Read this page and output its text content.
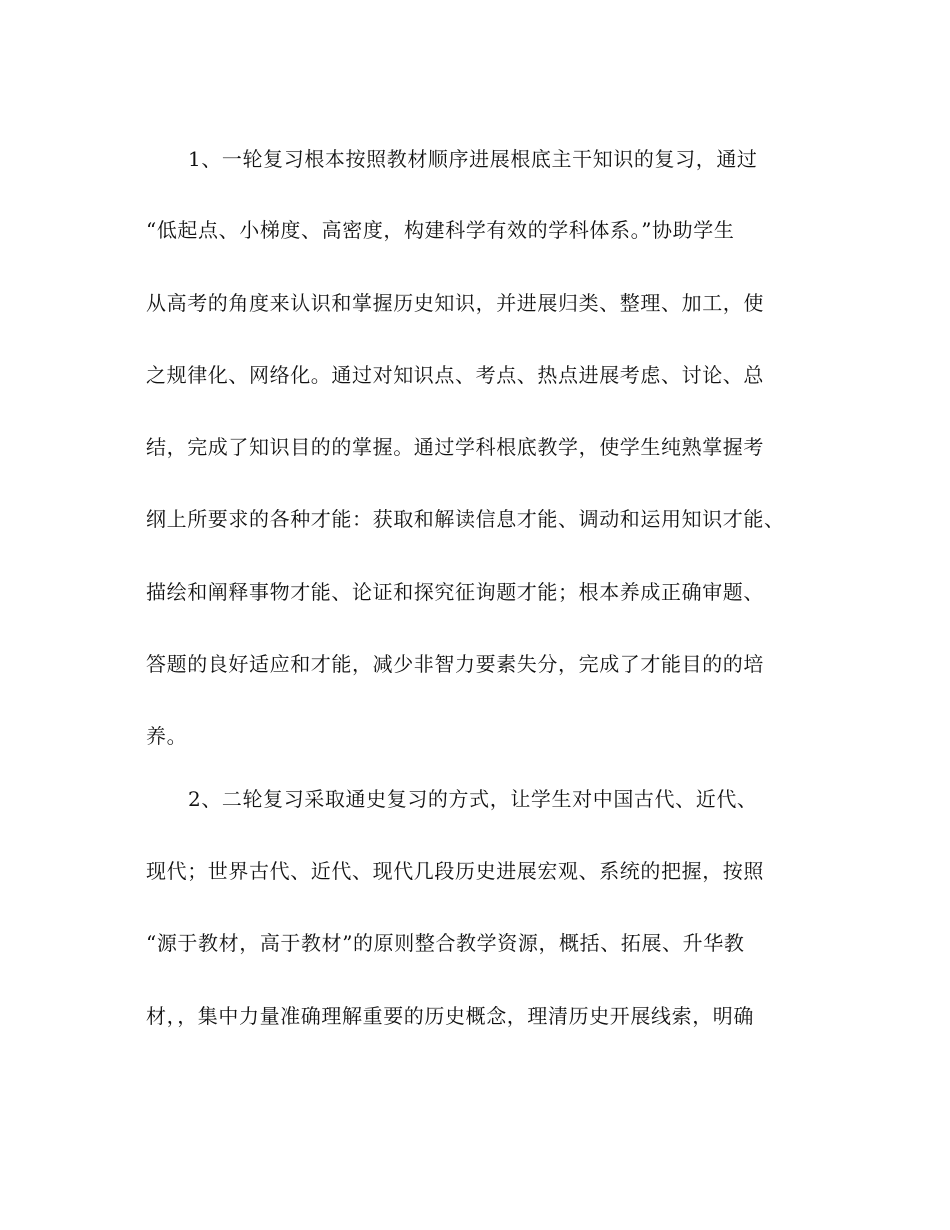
1、一轮复习根本按照教材顺序进展根底主干知识的复习，通过

“低起点、小梯度、高密度，构建科学有效的学科体系。”协助学生

从高考的角度来认识和掌握历史知识，并进展归类、整理、加工，使

之规律化、网络化。通过对知识点、考点、热点进展考虑、讨论、总

结，完成了知识目的的掌握。通过学科根底教学，使学生纯熟掌握考

纲上所要求的各种才能：获取和解读信息才能、调动和运用知识才能、

描绘和阐释事物才能、论证和探究征询题才能；根本养成正确审题、

答题的良好适应和才能，减少非智力要素失分，完成了才能目的的培

养。

2、二轮复习采取通史复习的方式，让学生对中国古代、近代、

现代；世界古代、近代、现代几段历史进展宏观、系统的把握，按照

“源于教材，高于教材”的原则整合教学资源，概括、拓展、升华教

材，，集中力量准确理解重要的历史概念，理清历史开展线索，明确
